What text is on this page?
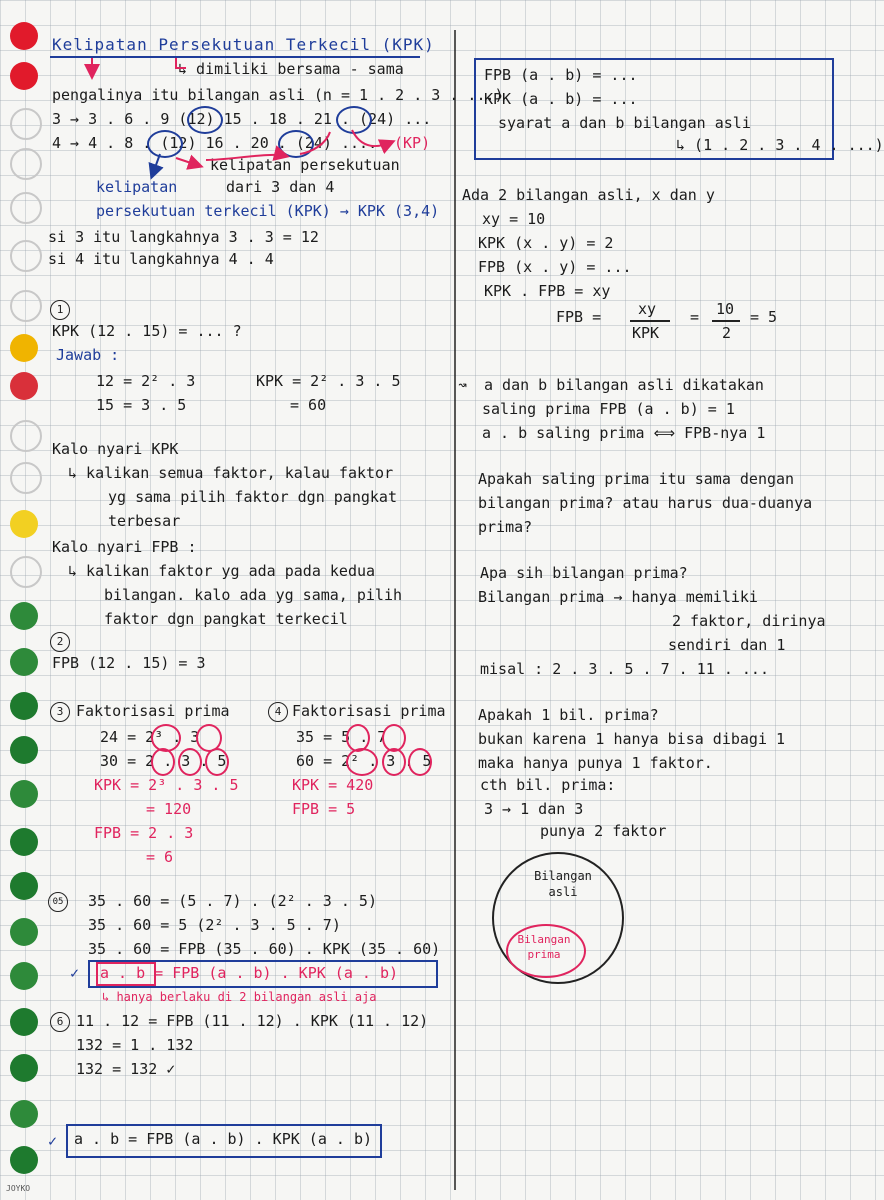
Kelipatan Persekutuan Terkecil (KPK)
↳ dimiliki bersama - sama
pengalinya itu bilangan asli (n = 1 . 2 . 3 . ...)
3 → 3 . 6 . 9 (12) 15 . 18 . 21 . (24) ...
4 → 4 . 8 . (12) 16 . 20 . (24) .... (KP)
kelipatan persekutuan
dari 3 dan 4
kelipatan
persekutuan terkecil (KPK) → KPK (3,4)
si 3 itu langkahnya 3 . 3 = 12
si 4 itu langkahnya 4 . 4
1
KPK (12 . 15) = ... ?
Jawab :
12 = 2² . 3
15 = 3 . 5
KPK = 2² . 3 . 5
= 60
Kalo nyari KPK
↳ kalikan semua faktor, kalau faktor
yg sama pilih faktor dgn pangkat
terbesar
Kalo nyari FPB :
↳ kalikan faktor yg ada pada kedua
bilangan. kalo ada yg sama, pilih
faktor dgn pangkat terkecil
2
FPB (12 . 15) = 3
3 Faktorisasi prima
24 = 2³ . 3
30 = 2 . 3 . 5
KPK = 2³ . 3 . 5
= 120
FPB = 2 . 3
= 6
4 Faktorisasi prima
35 = 5 . 7
60 = 2² . 3 . 5
KPK = 420
FPB = 5
05	35 . 60 = (5 . 7) . (2² . 3 . 5)
35 . 60 = 5 (2² . 3 . 5 . 7)
35 . 60 = FPB (35 . 60) . KPK (35 . 60)
✓ a . b = FPB (a . b) . KPK (a . b)
↳ hanya berlaku di 2 bilangan asli aja
6 11 . 12 = FPB (11 . 12) . KPK (11 . 12)
132 = 1 . 132
132 = 132 ✓
✓ a . b = FPB (a . b) . KPK (a . b)
FPB (a . b) = ...
KPK (a . b) = ...
syarat a dan b bilangan asli
↳ (1 . 2 . 3 . 4 . ...)
Ada 2 bilangan asli, x dan y
xy = 10
KPK (x . y) = 2
FPB (x . y) = ...
KPK . FPB = xy
FPB = xy
KPK
= 10
2
= 5
↝ a dan b bilangan asli dikatakan
saling prima FPB (a . b) = 1
a . b saling prima ⟺ FPB-nya 1
Apakah saling prima itu sama dengan
bilangan prima? atau harus dua-duanya
prima?
Apa sih bilangan prima?
Bilangan prima → hanya memiliki
2 faktor, dirinya
sendiri dan 1
misal : 2 . 3 . 5 . 7 . 11 . ...
Apakah 1 bil. prima?
bukan karena 1 hanya bisa dibagi 1
maka hanya punya 1 faktor.
cth bil. prima:
3 → 1 dan 3
punya 2 faktor
Bilangan asli
Bilangan prima
JOYKO
